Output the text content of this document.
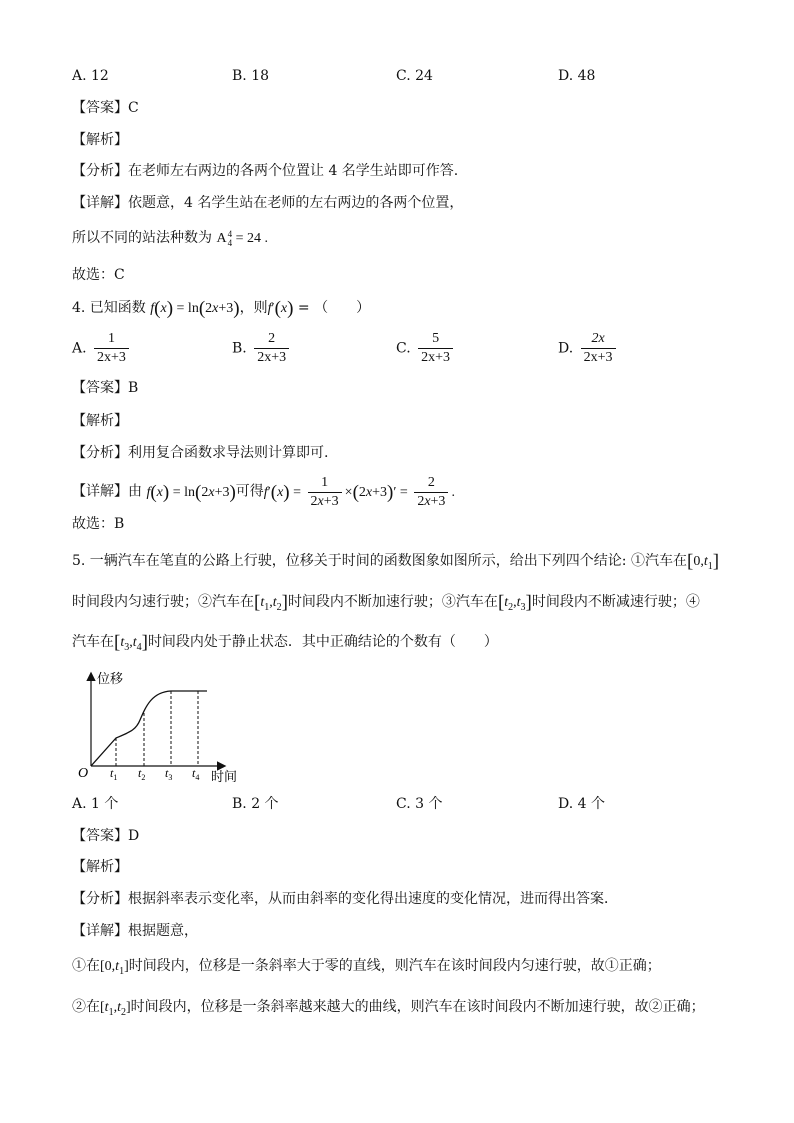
A. 12	B. 18	C. 24	D. 48
【答案】C
【解析】
【分析】在老师左右两边的各两个位置让 4 名学生站即可作答.
【详解】依题意，4 名学生站在老师的左右两边的各两个位置，
所以不同的站法种数为 A 4
4 = 24 .
故选：C
4. 已知函数 f(x) = ln(2x+3)，则f′(x) = （　　）
A. $\frac{1}{2x+3}$	B. $\frac{2}{2x+3}$	C. $\frac{5}{2x+3}$	D. $\frac{2x}{2x+3}$
【答案】B
【解析】
【分析】利用复合函数求导法则计算即可.
【详解】由 f(x) = ln(2x+3)可得$f'(x) = \frac{1}{2x+3} \times(2x+3)' = \frac{2}{2x+3}$ .
故选：B
5. 一辆汽车在笔直的公路上行驶，位移关于时间的函数图象如图所示，给出下列四个结论: ①汽车在$[0,t_1]$
时间段内匀速行驶；②汽车在$[t_1,t_2]$时间段内不断加速行驶；③汽车在$[t_2,t_3]$时间段内不断减速行驶；④
汽车在$[t_3,t_4]$时间段内处于静止状态．其中正确结论的个数有（　　）
位移
O $t_1$ $t_2$ $t_3$ $t_4$ 时间
A. 1 个	B. 2 个	C. 3 个	D. 4 个
【答案】D
【解析】
【分析】根据斜率表示变化率，从而由斜率的变化得出速度的变化情况，进而得出答案．
【详解】根据题意，
①在$[0,t_1]$时间段内，位移是一条斜率大于零的直线，则汽车在该时间段内匀速行驶，故①正确；
②在$[t_1,t_2]$时间段内，位移是一条斜率越来越大的曲线，则汽车在该时间段内不断加速行驶，故②正确；
